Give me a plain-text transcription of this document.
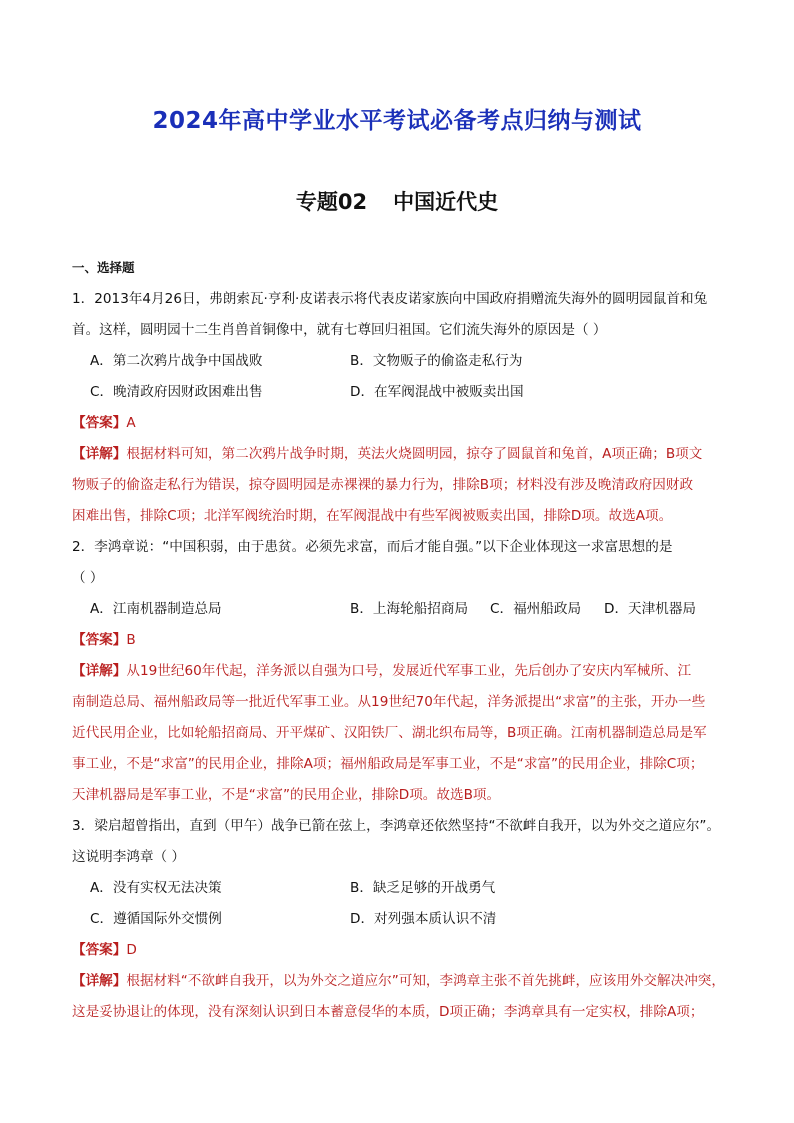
2024年高中学业水平考试必备考点归纳与测试
专题02 中国近代史
一、选择题

1．2013年4月26日，弗朗索瓦·亨利·皮诺表示将代表皮诺家族向中国政府捐赠流失海外的圆明园鼠首和兔

首。这样，圆明园十二生肖兽首铜像中，就有七尊回归祖国。它们流失海外的原因是（ ）

A．第二次鸦片战争中国战败	B．文物贩子的偷盗走私行为
C．晚清政府因财政困难出售	D．在军阀混战中被贩卖出国

【答案】A

【详解】根据材料可知，第二次鸦片战争时期，英法火烧圆明园，掠夺了圆鼠首和兔首，A项正确；B项文

物贩子的偷盗走私行为错误，掠夺圆明园是赤裸裸的暴力行为，排除B项；材料没有涉及晚清政府因财政

困难出售，排除C项；北洋军阀统治时期，在军阀混战中有些军阀被贩卖出国，排除D项。故选A项。

2．李鸿章说：“中国积弱，由于患贫。必须先求富，而后才能自强。”以下企业体现这一求富思想的是

（ ）

A．江南机器制造总局	B．上海轮船招商局 C．福州船政局 D．天津机器局

【答案】B

【详解】从19世纪60年代起，洋务派以自强为口号，发展近代军事工业，先后创办了安庆内军械所、江

南制造总局、福州船政局等一批近代军事工业。从19世纪70年代起，洋务派提出“求富”的主张，开办一些

近代民用企业，比如轮船招商局、开平煤矿、汉阳铁厂、湖北织布局等，B项正确。江南机器制造总局是军

事工业，不是“求富”的民用企业，排除A项；福州船政局是军事工业，不是“求富”的民用企业，排除C项；

天津机器局是军事工业，不是“求富”的民用企业，排除D项。故选B项。

3．梁启超曾指出，直到（甲午）战争已箭在弦上，李鸿章还依然坚持“不欲衅自我开，以为外交之道应尔”。

这说明李鸿章（ ）

A．没有实权无法决策	B．缺乏足够的开战勇气
C．遵循国际外交惯例	D．对列强本质认识不清

【答案】D

【详解】根据材料“不欲衅自我开，以为外交之道应尔”可知，李鸿章主张不首先挑衅，应该用外交解决冲突，

这是妥协退让的体现，没有深刻认识到日本蓄意侵华的本质，D项正确；李鸿章具有一定实权，排除A项；
